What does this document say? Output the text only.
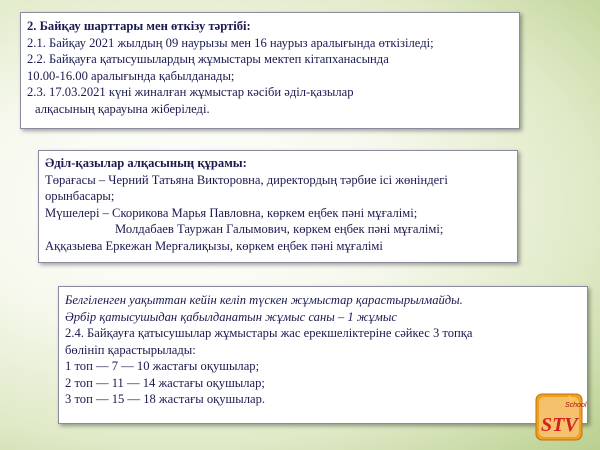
2. Байқау шарттары мен өткізу тәртібі:
2.1. Байқау 2021 жылдың 09 наурызы мен 16 наурыз аралығында өткізіледі;
2.2. Байқауға қатысушылардың жұмыстары мектеп кітапханасында
10.00-16.00 аралығында қабылданады;
2.3. 17.03.2021 күні жиналған жұмыстар кәсіби әділ-қазылар
алқасының қарауына жіберіледі.
Әділ-қазылар алқасының құрамы:
Төрағасы – Черний Татьяна Викторовна, директордың тәрбие ісі жөніндегі
орынбасары;
Мүшелері – Скорикова Марья Павловна, көркем еңбек пәні мұғалімі;
Молдабаев Тауржан Галымович, көркем еңбек пәні мұғалімі;
Аққазыева Еркежан Мерғалиқызы, көркем еңбек пәні мұғалімі
Белгіленген уақыттан кейін келіп түскен жұмыстар қарастырылмайды.
Әрбір қатысушыдан қабылданатын жұмыс саны – 1 жұмыс
2.4. Байқауға қатысушылар жұмыстары жас ерекшеліктеріне сәйкес 3 топқа
бөлініп қарастырылады:
1 топ — 7 — 10 жастағы оқушылар;
2 топ — 11 — 14 жастағы оқушылар;
3 топ — 15 — 18 жастағы оқушылар.	School
STV
